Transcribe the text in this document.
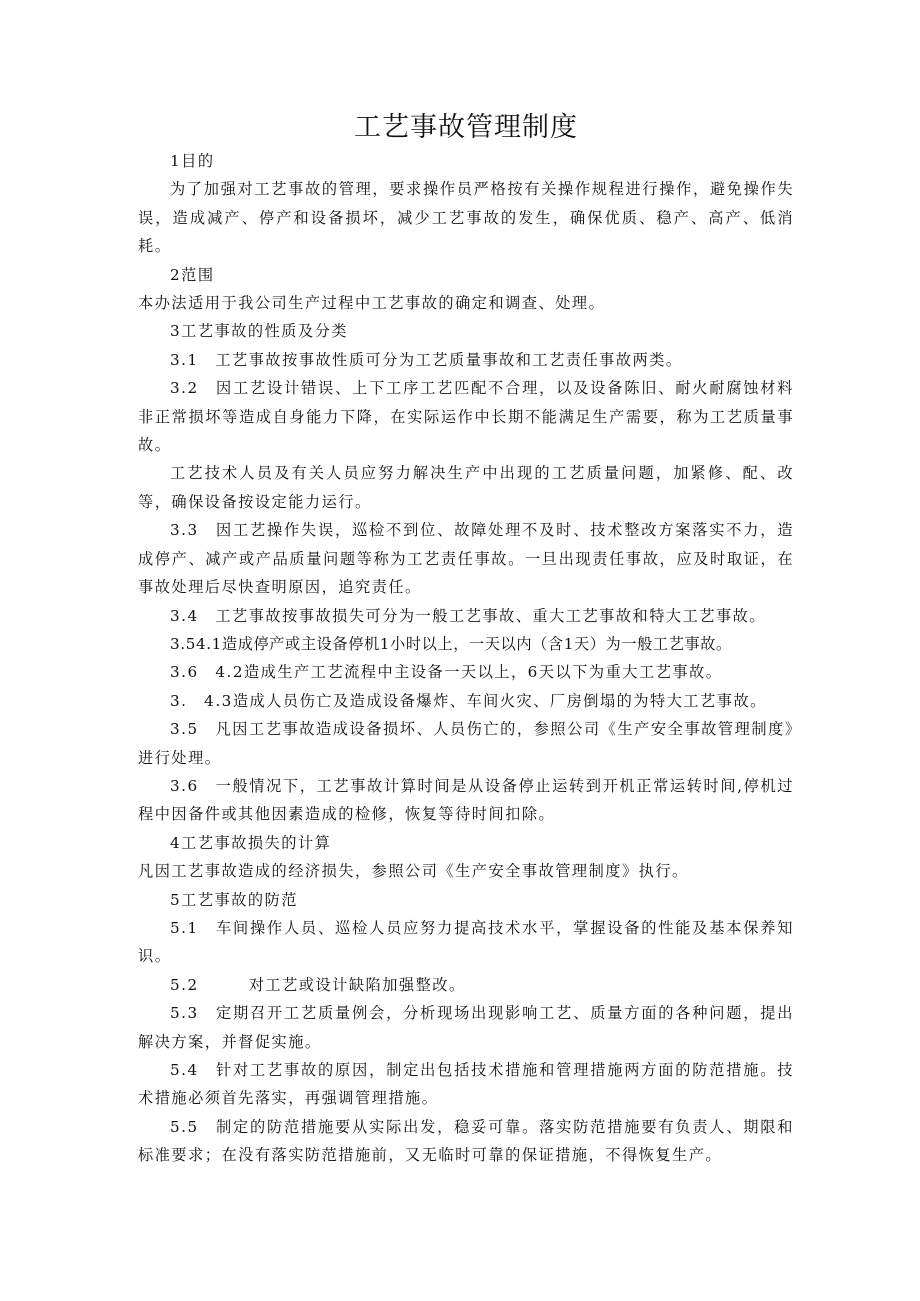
工艺事故管理制度

1目的

为了加强对工艺事故的管理，要求操作员严格按有关操作规程进行操作，避免操作失误，造成减产、停产和设备损坏，减少工艺事故的发生，确保优质、稳产、高产、低消耗。

2范围

本办法适用于我公司生产过程中工艺事故的确定和调查、处理。

3工艺事故的性质及分类

3.1　工艺事故按事故性质可分为工艺质量事故和工艺责任事故两类。

3.2　因工艺设计错误、上下工序工艺匹配不合理，以及设备陈旧、耐火耐腐蚀材料非正常损坏等造成自身能力下降，在实际运作中长期不能满足生产需要，称为工艺质量事故。

工艺技术人员及有关人员应努力解决生产中出现的工艺质量问题，加紧修、配、改等，确保设备按设定能力运行。

3.3　因工艺操作失误，巡检不到位、故障处理不及时、技术整改方案落实不力，造成停产、减产或产品质量问题等称为工艺责任事故。一旦出现责任事故，应及时取证，在事故处理后尽快查明原因，追究责任。

3.4　工艺事故按事故损失可分为一般工艺事故、重大工艺事故和特大工艺事故。

3.54.1造成停产或主设备停机1小时以上，一天以内（含1天）为一般工艺事故。

3.6　4.2造成生产工艺流程中主设备一天以上，6天以下为重大工艺事故。

3.　4.3造成人员伤亡及造成设备爆炸、车间火灾、厂房倒塌的为特大工艺事故。

3.5　凡因工艺事故造成设备损坏、人员伤亡的，参照公司《生产安全事故管理制度》进行处理。

3.6　一般情况下，工艺事故计算时间是从设备停止运转到开机正常运转时间,停机过程中因备件或其他因素造成的检修，恢复等待时间扣除。

4工艺事故损失的计算

凡因工艺事故造成的经济损失，参照公司《生产安全事故管理制度》执行。

5工艺事故的防范

5.1　车间操作人员、巡检人员应努力提高技术水平，掌握设备的性能及基本保养知识。

5.2　　　对工艺或设计缺陷加强整改。

5.3　定期召开工艺质量例会，分析现场出现影响工艺、质量方面的各种问题，提出解决方案，并督促实施。

5.4　针对工艺事故的原因，制定出包括技术措施和管理措施两方面的防范措施。技术措施必须首先落实，再强调管理措施。

5.5　制定的防范措施要从实际出发，稳妥可靠。落实防范措施要有负责人、期限和标准要求；在没有落实防范措施前，又无临时可靠的保证措施，不得恢复生产。
